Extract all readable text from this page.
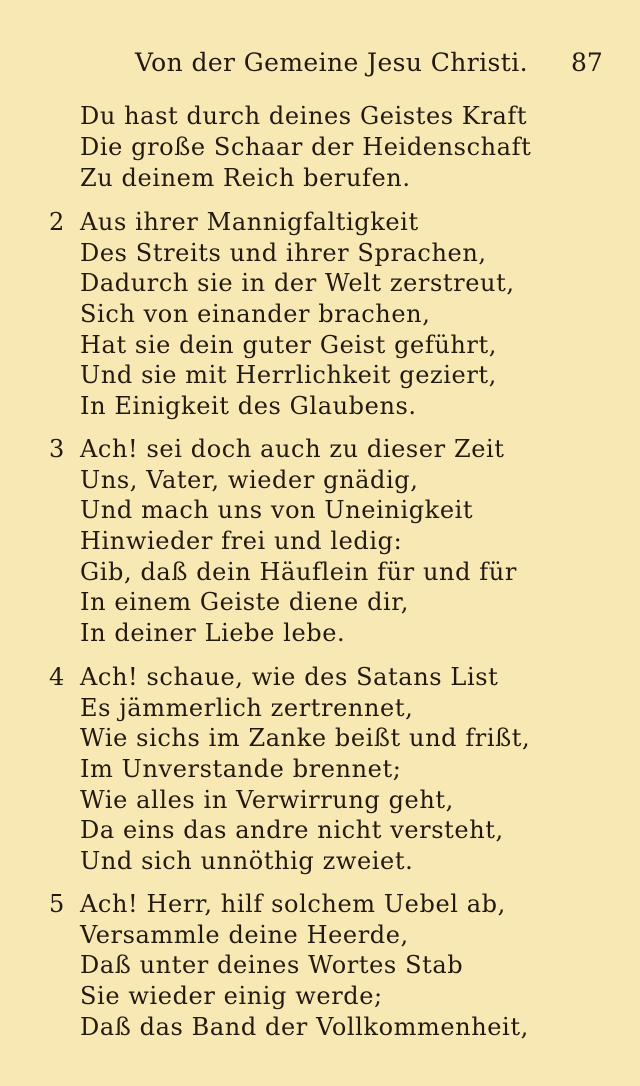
Von der Gemeine Jesu Christi. 87
Du hast durch deines Geistes Kraft
Die große Schaar der Heidenschaft
Zu deinem Reich berufen.
2 Aus ihrer Mannigfaltigkeit
Des Streits und ihrer Sprachen,
Dadurch sie in der Welt zerstreut,
Sich von einander brachen,
Hat sie dein guter Geist geführt,
Und sie mit Herrlichkeit geziert,
In Einigkeit des Glaubens.
3 Ach! sei doch auch zu dieser Zeit
Uns, Vater, wieder gnädig,
Und mach uns von Uneinigkeit
Hinwieder frei und ledig:
Gib, daß dein Häuflein für und für
In einem Geiste diene dir,
In deiner Liebe lebe.
4 Ach! schaue, wie des Satans List
Es jämmerlich zertrennet,
Wie sichs im Zanke beißt und frißt,
Im Unverstande brennet;
Wie alles in Verwirrung geht,
Da eins das andre nicht versteht,
Und sich unnöthig zweiet.
5 Ach! Herr, hilf solchem Uebel ab,
Versammle deine Heerde,
Daß unter deines Wortes Stab
Sie wieder einig werde;
Daß das Band der Vollkommenheit,
